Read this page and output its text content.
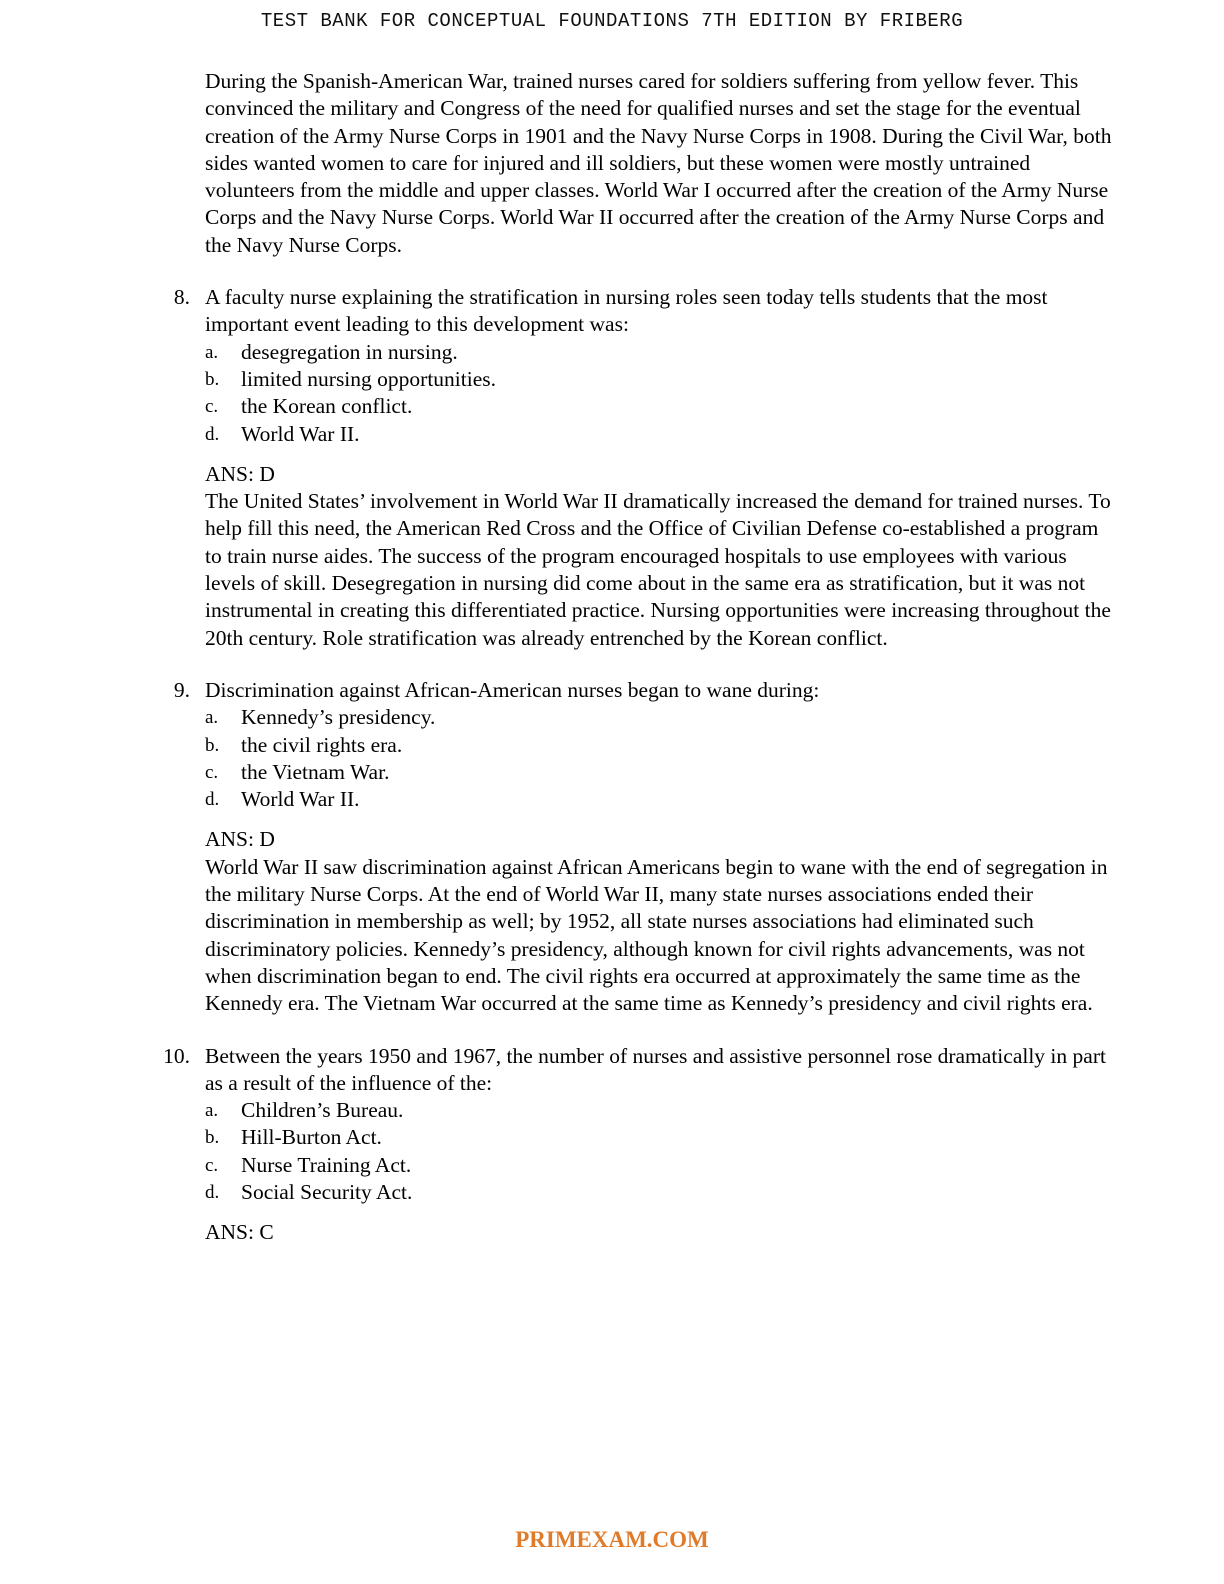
TEST BANK FOR CONCEPTUAL FOUNDATIONS 7TH EDITION BY FRIBERG

During the Spanish-American War, trained nurses cared for soldiers suffering from yellow fever. This convinced the military and Congress of the need for qualified nurses and set the stage for the eventual creation of the Army Nurse Corps in 1901 and the Navy Nurse Corps in 1908. During the Civil War, both sides wanted women to care for injured and ill soldiers, but these women were mostly untrained volunteers from the middle and upper classes. World War I occurred after the creation of the Army Nurse Corps and the Navy Nurse Corps. World War II occurred after the creation of the Army Nurse Corps and the Navy Nurse Corps.

8. A faculty nurse explaining the stratification in nursing roles seen today tells students that the most important event leading to this development was:

a. desegregation in nursing.
b. limited nursing opportunities.
c. the Korean conflict.
d. World War II.

ANS: D

The United States’ involvement in World War II dramatically increased the demand for trained nurses. To help fill this need, the American Red Cross and the Office of Civilian Defense co-established a program to train nurse aides. The success of the program encouraged hospitals to use employees with various levels of skill. Desegregation in nursing did come about in the same era as stratification, but it was not instrumental in creating this differentiated practice. Nursing opportunities were increasing throughout the 20th century. Role stratification was already entrenched by the Korean conflict.

9. Discrimination against African-American nurses began to wane during:

a. Kennedy’s presidency.
b. the civil rights era.
c. the Vietnam War.
d. World War II.

ANS: D

World War II saw discrimination against African Americans begin to wane with the end of segregation in the military Nurse Corps. At the end of World War II, many state nurses associations ended their discrimination in membership as well; by 1952, all state nurses associations had eliminated such discriminatory policies. Kennedy’s presidency, although known for civil rights advancements, was not when discrimination began to end. The civil rights era occurred at approximately the same time as the Kennedy era. The Vietnam War occurred at the same time as Kennedy’s presidency and civil rights era.

10. Between the years 1950 and 1967, the number of nurses and assistive personnel rose dramatically in part as a result of the influence of the:

a. Children’s Bureau.
b. Hill-Burton Act.
c. Nurse Training Act.
d. Social Security Act.

ANS: C

PRIMEXAM.COM
